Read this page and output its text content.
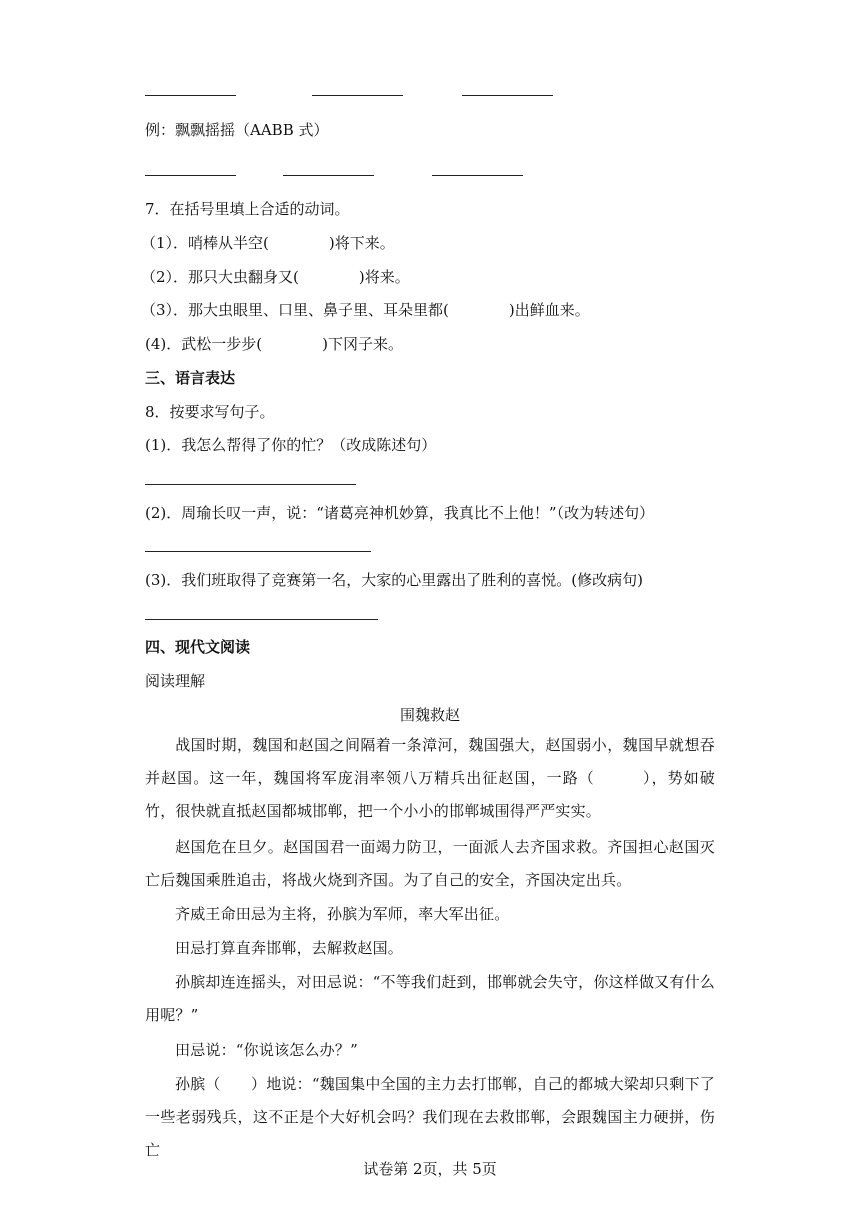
例：飘飘摇摇（AABB 式）
7．在括号里填上合适的动词。
（1）．哨棒从半空(　　　　)将下来。
（2）．那只大虫翻身又(　　　　)将来。
（3）．那大虫眼里、口里、鼻子里、耳朵里都(　　　　)出鲜血来。
(4)．武松一步步(　　　　)下冈子来。
三、语言表达
8．按要求写句子。
(1)．我怎么帮得了你的忙？（改成陈述句）
(2)．周瑜长叹一声，说：“诸葛亮神机妙算，我真比不上他！”（改为转述句）
(3)．我们班取得了竞赛第一名，大家的心里露出了胜利的喜悦。(修改病句)
四、现代文阅读
阅读理解
围魏救赵
战国时期，魏国和赵国之间隔着一条漳河，魏国强大，赵国弱小，魏国早就想吞并赵国。这一年，魏国将军庞涓率领八万精兵出征赵国，一路（　　　），势如破竹，很快就直抵赵国都城邯郸，把一个小小的邯郸城围得严严实实。
赵国危在旦夕。赵国国君一面竭力防卫，一面派人去齐国求救。齐国担心赵国灭亡后魏国乘胜追击，将战火烧到齐国。为了自己的安全，齐国决定出兵。
齐威王命田忌为主将，孙膑为军师，率大军出征。
田忌打算直奔邯郸，去解救赵国。
孙膑却连连摇头，对田忌说：“不等我们赶到，邯郸就会失守，你这样做又有什么用呢？”
田忌说：“你说该怎么办？”
孙膑（　　）地说：“魏国集中全国的主力去打邯郸，自己的都城大梁却只剩下了一些老弱残兵，这不正是个大好机会吗？我们现在去救邯郸，会跟魏国主力硬拼，伤亡
试卷第 2页，共 5页
